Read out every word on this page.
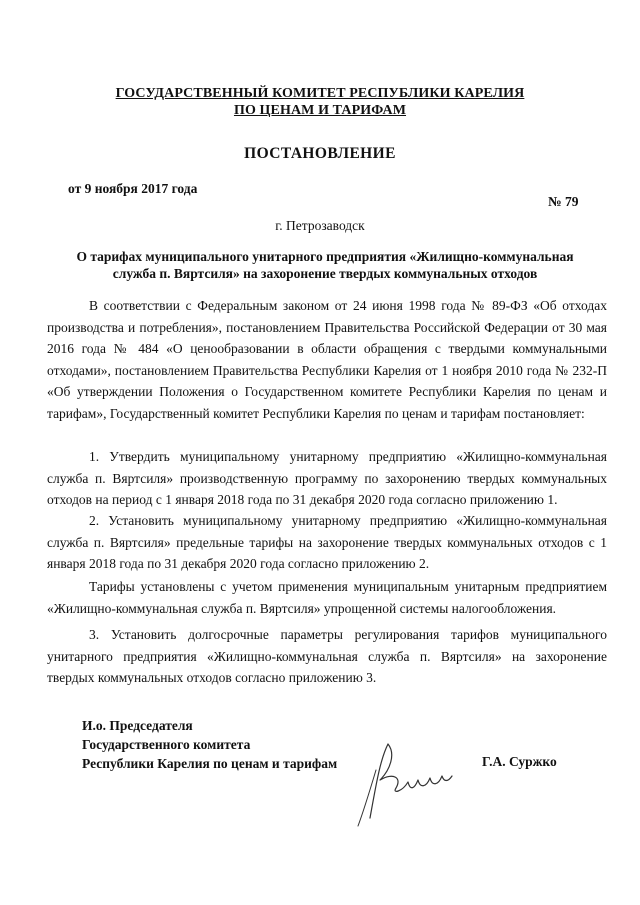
ГОСУДАРСТВЕННЫЙ КОМИТЕТ РЕСПУБЛИКИ КАРЕЛИЯ
ПО ЦЕНАМ И ТАРИФАМ
ПОСТАНОВЛЕНИЕ
от 9 ноября 2017 года
№ 79
г. Петрозаводск
О тарифах муниципального унитарного предприятия «Жилищно-коммунальная служба п. Вяртсиля» на захоронение твердых коммунальных отходов

В соответствии с Федеральным законом от 24 июня 1998 года № 89-ФЗ «Об отходах производства и потребления», постановлением Правительства Российской Федерации от 30 мая 2016 года № 484 «О ценообразовании в области обращения с твердыми коммунальными отходами», постановлением Правительства Республики Карелия от 1 ноября 2010 года № 232-П «Об утверждении Положения о Государственном комитете Республики Карелия по ценам и тарифам», Государственный комитет Республики Карелия по ценам и тарифам постановляет:

1. Утвердить муниципальному унитарному предприятию «Жилищно-коммунальная служба п. Вяртсиля» производственную программу по захоронению твердых коммунальных отходов на период с 1 января 2018 года по 31 декабря 2020 года согласно приложению 1.

2. Установить муниципальному унитарному предприятию «Жилищно-коммунальная служба п. Вяртсиля» предельные тарифы на захоронение твердых коммунальных отходов с 1 января 2018 года по 31 декабря 2020 года согласно приложению 2.

Тарифы установлены с учетом применения муниципальным унитарным предприятием «Жилищно-коммунальная служба п. Вяртсиля» упрощенной системы налогообложения.

3. Установить долгосрочные параметры регулирования тарифов муниципального унитарного предприятия «Жилищно-коммунальная служба п. Вяртсиля» на захоронение твердых коммунальных отходов согласно приложению 3.

И.о. Председателя
Государственного комитета
Республики Карелия по ценам и тарифам	Г.А. Суржко
